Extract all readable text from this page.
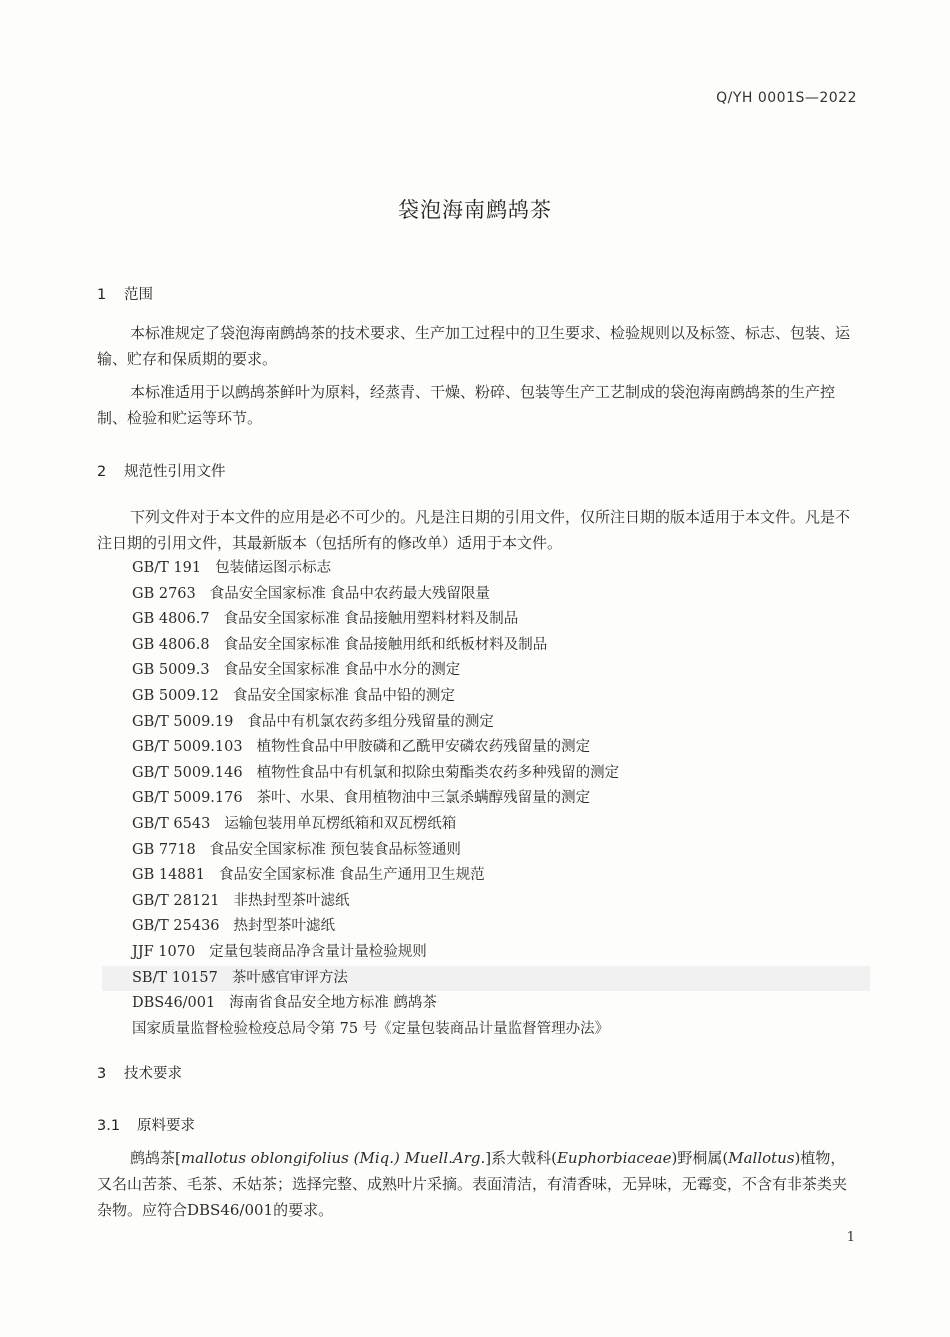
Q/YH 0001S—2022
袋泡海南鹧鸪茶
1 范围

本标准规定了袋泡海南鹧鸪茶的技术要求、生产加工过程中的卫生要求、检验规则以及标签、标志、包装、运输、贮存和保质期的要求。

本标准适用于以鹧鸪茶鲜叶为原料，经蒸青、干燥、粉碎、包装等生产工艺制成的袋泡海南鹧鸪茶的生产控制、检验和贮运等环节。

2 规范性引用文件

下列文件对于本文件的应用是必不可少的。凡是注日期的引用文件，仅所注日期的版本适用于本文件。凡是不注日期的引用文件，其最新版本（包括所有的修改单）适用于本文件。

GB/T 191 包装储运图示标志
GB 2763 食品安全国家标准 食品中农药最大残留限量
GB 4806.7 食品安全国家标准 食品接触用塑料材料及制品
GB 4806.8 食品安全国家标准 食品接触用纸和纸板材料及制品
GB 5009.3 食品安全国家标准 食品中水分的测定
GB 5009.12 食品安全国家标准 食品中铅的测定
GB/T 5009.19 食品中有机氯农药多组分残留量的测定
GB/T 5009.103 植物性食品中甲胺磷和乙酰甲安磷农药残留量的测定
GB/T 5009.146 植物性食品中有机氯和拟除虫菊酯类农药多种残留的测定
GB/T 5009.176 茶叶、水果、食用植物油中三氯杀螨醇残留量的测定
GB/T 6543 运输包装用单瓦楞纸箱和双瓦楞纸箱
GB 7718 食品安全国家标准 预包装食品标签通则
GB 14881 食品安全国家标准 食品生产通用卫生规范
GB/T 28121 非热封型茶叶滤纸
GB/T 25436 热封型茶叶滤纸
JJF 1070 定量包装商品净含量计量检验规则
SB/T 10157 茶叶感官审评方法
DBS46/001 海南省食品安全地方标准 鹧鸪茶
国家质量监督检验检疫总局令第 75 号《定量包装商品计量监督管理办法》
3 技术要求
3.1 原料要求

鹧鸪茶[mallotus oblongifolius (Miq.) Muell.Arg.]系大戟科(Euphorbiaceae)野桐属(Mallotus)植物，又名山苦茶、毛茶、禾姑茶；选择完整、成熟叶片采摘。表面清洁，有清香味，无异味，无霉变，不含有非茶类夹杂物。应符合DBS46/001的要求。

1
